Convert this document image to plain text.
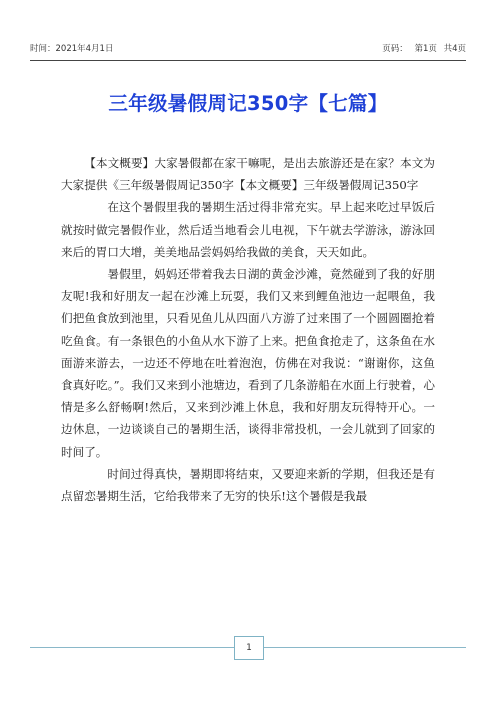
时间：2021年4月1日	页码： 第1页 共4页
三年级暑假周记350字【七篇】

【本文概要】大家暑假都在家干嘛呢，是出去旅游还是在家？本文为大家提供《三年级暑假周记350字【本文概要】三年级暑假周记350字

在这个暑假里我的暑期生活过得非常充实。早上起来吃过早饭后就按时做完暑假作业，然后适当地看会儿电视，下午就去学游泳，游泳回来后的胃口大增，美美地品尝妈妈给我做的美食，天天如此。

暑假里，妈妈还带着我去日湖的黄金沙滩，竟然碰到了我的好朋友呢!我和好朋友一起在沙滩上玩耍，我们又来到鲤鱼池边一起喂鱼，我们把鱼食放到池里，只看见鱼儿从四面八方游了过来围了一个圆圆圈抢着吃鱼食。有一条银色的小鱼从水下游了上来。把鱼食抢走了，这条鱼在水面游来游去，一边还不停地在吐着泡泡，仿佛在对我说：“谢谢你，这鱼食真好吃。”。我们又来到小池塘边，看到了几条游船在水面上行驶着，心情是多么舒畅啊!然后，又来到沙滩上休息，我和好朋友玩得特开心。一边休息，一边谈谈自己的暑期生活，谈得非常投机，一会儿就到了回家的时间了。

时间过得真快，暑期即将结束，又要迎来新的学期，但我还是有点留恋暑期生活，它给我带来了无穷的快乐!这个暑假是我最

1
